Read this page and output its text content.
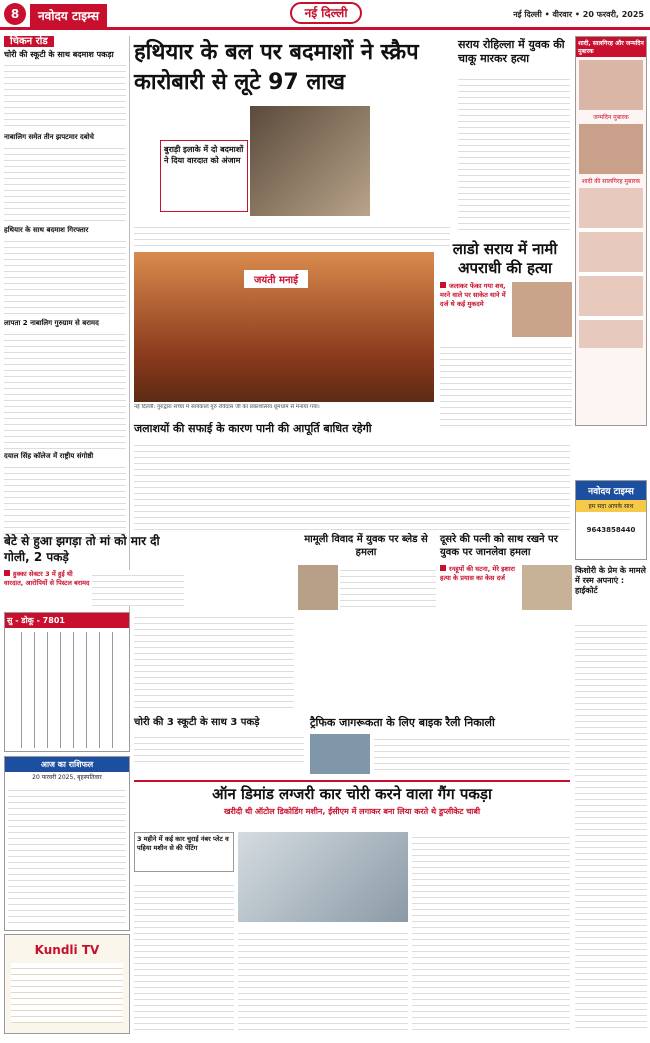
8	नवोदय टाइम्स	नई दिल्ली	नई दिल्ली • वीरवार • 20 फरवरी, 2025
चिकन रोड
चोरी की स्कूटी के साथ बदमाश पकड़ा
नाबालिग समेत तीन झपटमार दबोचे
हथियार के साथ बदमाश गिरफ्तार
लापता 2 नाबालिग गुरुग्राम से बरामद
दयाल सिंह कॉलेज में राष्ट्रीय संगोष्ठी
हथियार के बल पर बदमाशों ने स्क्रैप कारोबारी से लूटे 97 लाख
बुराड़ी इलाके में दो बदमाशों ने दिया वारदात को अंजाम
सराय रोहिल्ला में युवक की चाकू मारकर हत्या
शादी, सालगिरह और जन्मदिन मुबारक
जन्मदिन मुबारक
शादी की सालगिरह मुबारक
नवोदय टाइम्स
हम सदा आपके साथ
9643858440
किशोरी के प्रेम के मामले में रस्म अपनाएं : हाईकोर्ट
जयंती मनाई
नई दिल्ली: गुरुद्वारा सच्चा में सायंकाल गुरु रविदास जी का प्रकाशोत्सव धूमधाम से मनाया गया।
लाडो सराय में नामी अपराधी की हत्या
जलाकर फेंका गया शव, मरने वाले पर साकेत थाने में दर्ज थे कई मुकदमे
जलाशयों की सफाई के कारण पानी की आपूर्ति बाधित रहेगी
बेटे से हुआ झगड़ा तो मां को मार दी गोली, 2 पकड़े
हुक्का सेक्टर 3 में हुई थी वारदात, आरोपियों से पिस्टल बरामद
मामूली विवाद में युवक पर ब्लेड से हमला
दूसरे की पत्नी को साथ रखने पर युवक पर जानलेवा हमला
रनहूपों की घटना, मेरे इशारा हत्या के प्रयास का केस दर्ज
सु - डोकू - 7801
चोरी की 3 स्कूटी के साथ 3 पकड़े	ट्रैफिक जागरूकता के लिए बाइक रैली निकाली
आज का राशिफल
20 फरवरी 2025, बृहस्पतिवार
ऑन डिमांड लग्जरी कार चोरी करने वाला गैंग पकड़ा
खरीदी थी ऑटोल डिकोडिंग मशीन, ईसीएम में लगाकर बना लिया करते थे डुप्लीकेट चाबी
3 महीने में कई कार चुराई नंबर प्लेट व पहिया मशीन से की पेंटिंग
Kundli TV
